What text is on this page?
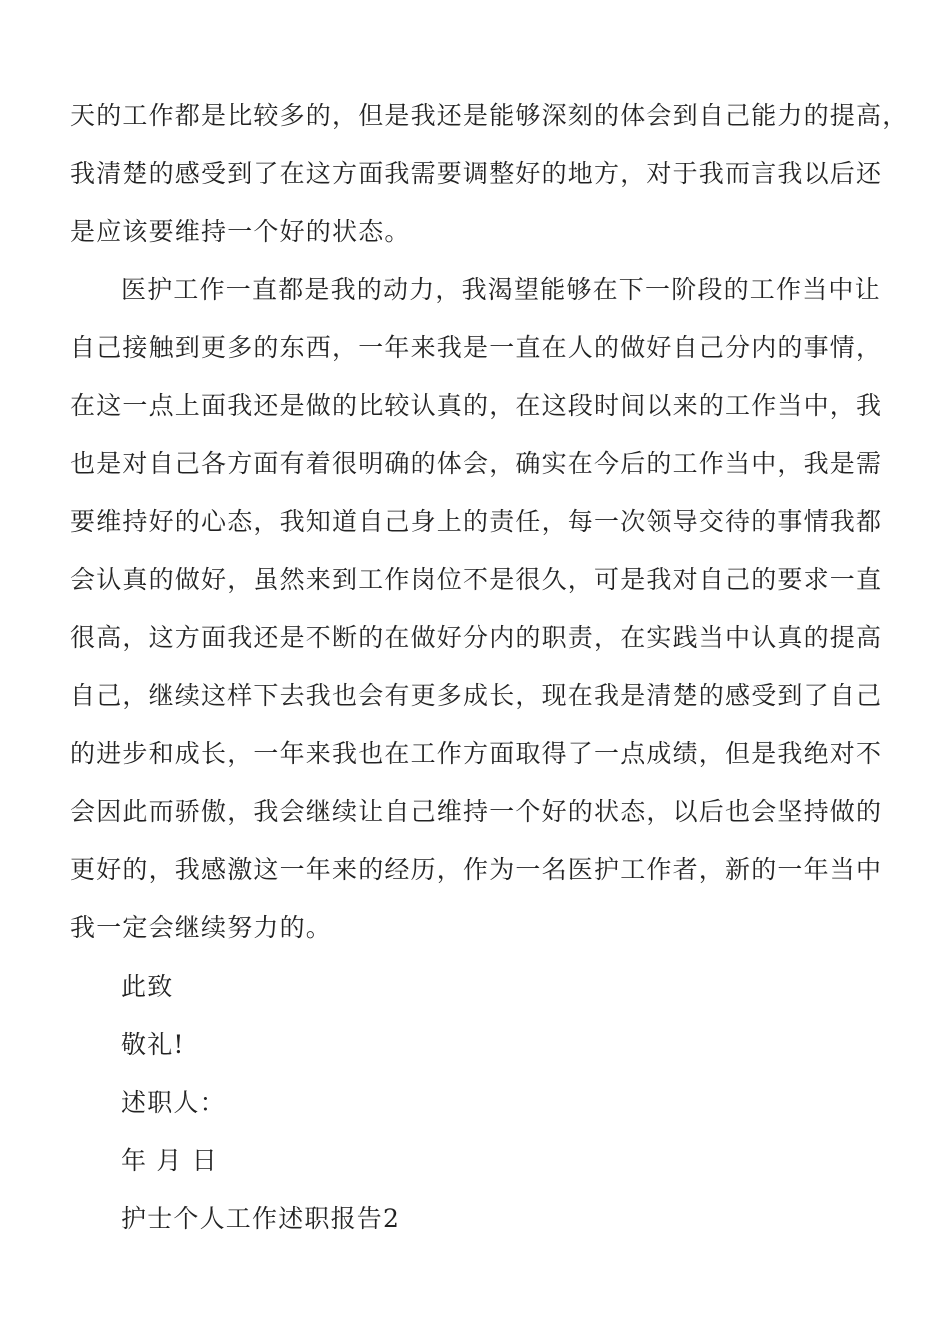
天的工作都是比较多的，但是我还是能够深刻的体会到自己能力的提高，
我清楚的感受到了在这方面我需要调整好的地方，对于我而言我以后还
是应该要维持一个好的状态。
医护工作一直都是我的动力，我渴望能够在下一阶段的工作当中让
自己接触到更多的东西，一年来我是一直在人的做好自己分内的事情，
在这一点上面我还是做的比较认真的，在这段时间以来的工作当中，我
也是对自己各方面有着很明确的体会，确实在今后的工作当中，我是需
要维持好的心态，我知道自己身上的责任，每一次领导交待的事情我都
会认真的做好，虽然来到工作岗位不是很久，可是我对自己的要求一直
很高，这方面我还是不断的在做好分内的职责，在实践当中认真的提高
自己，继续这样下去我也会有更多成长，现在我是清楚的感受到了自己
的进步和成长，一年来我也在工作方面取得了一点成绩，但是我绝对不
会因此而骄傲，我会继续让自己维持一个好的状态，以后也会坚持做的
更好的，我感激这一年来的经历，作为一名医护工作者，新的一年当中
我一定会继续努力的。
此致
敬礼!
述职人：
年 月 日
护士个人工作述职报告2
